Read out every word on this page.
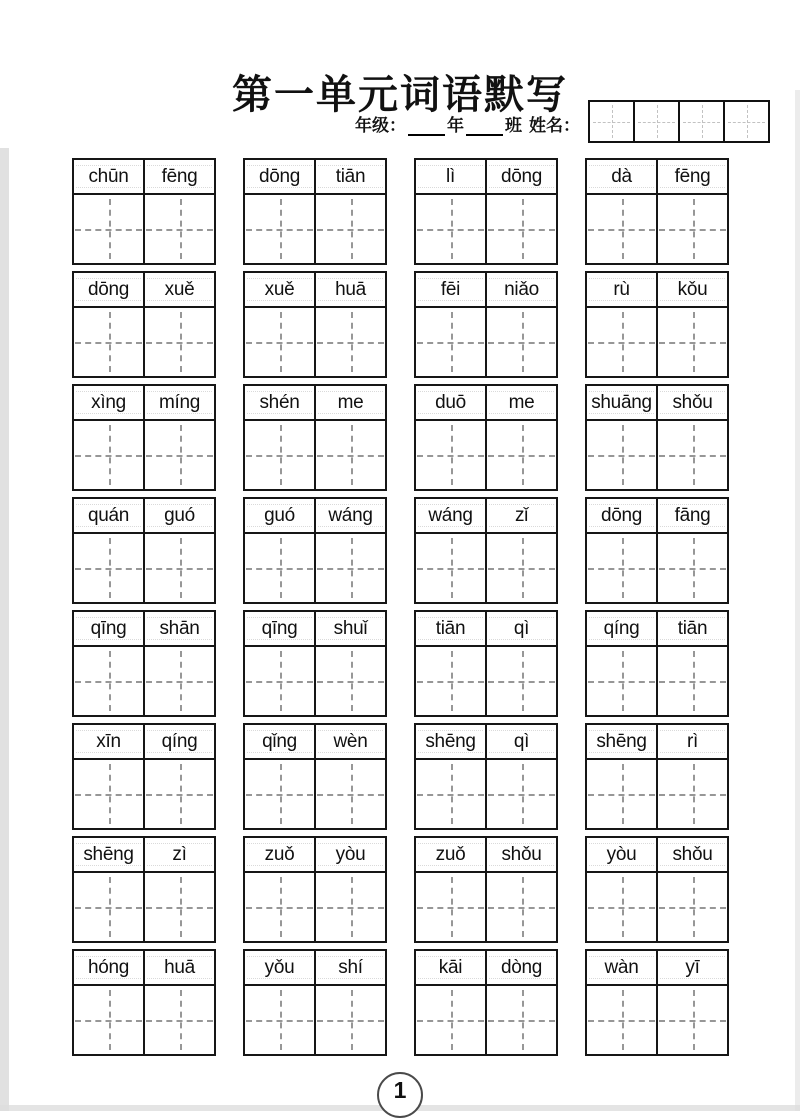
第一单元词语默写
年级： 年 班 姓名：
chūn	fēng	dōng	tiān	lì	dōng	dà	fēng
dōng	xuě	xuě	huā	fēi	niǎo	rù	kǒu
xìng	míng	shén	me	duō	me	shuāng	shǒu
quán	guó	guó	wáng	wáng	zǐ	dōng	fāng
qīng	shān	qīng	shuǐ	tiān	qì	qíng	tiān
xīn	qíng	qǐng	wèn	shēng	qì	shēng	rì
shēng	zì	zuǒ	yòu	zuǒ	shǒu	yòu	shǒu
hóng	huā	yǒu	shí	kāi	dòng	wàn	yī
1
